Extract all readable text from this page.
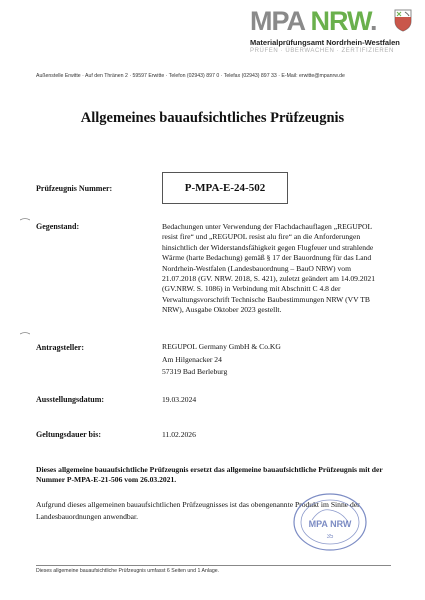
MPA NRW.
Materialprüfungsamt Nordrhein-Westfalen
PRÜFEN · ÜBERWACHEN · ZERTIFIZIEREN
Außenstelle Erwitte · Auf den Thränen 2 · 59597 Erwitte · Telefon (02943) 897 0 · Telefax (02943) 897 33 · E-Mail: erwitte@mpanrw.de
Allgemeines bauaufsichtliches Prüfzeugnis
Prüfzeugnis Nummer:	P-MPA-E-24-502
Gegenstand:	Bedachungen unter Verwendung der Flachdachauflagen „REGUPOL resist fire“ und „REGUPOL resist alu fire“ an die Anforderungen hinsichtlich der Widerstandsfähigkeit gegen Flugfeuer und strahlende Wärme (harte Bedachung) gemäß § 17 der Bauordnung für das Land Nordrhein-Westfalen (Landesbauordnung – BauO NRW) vom 21.07.2018 (GV. NRW. 2018, S. 421), zuletzt geändert am 14.09.2021 (GV.NRW. S. 1086) in Verbindung mit Abschnitt C 4.8 der Verwaltungsvorschrift Technische Baubestimmungen NRW (VV TB NRW), Ausgabe Oktober 2023 gestellt.
Antragsteller:	REGUPOL Germany GmbH & Co.KG
Am Hilgenacker 24
57319 Bad Berleburg
Ausstellungsdatum:	19.03.2024
Geltungsdauer bis:	11.02.2026
Dieses allgemeine bauaufsichtliche Prüfzeugnis ersetzt das allgemeine bauaufsichtliche Prüfzeugnis mit der Nummer P-MPA-E-21-506 vom 26.03.2021.
Aufgrund dieses allgemeinen bauaufsichtlichen Prüfzeugnisses ist das obengenannte Produkt im Sinne der Landesbauordnungen anwendbar.
MPA NRW
35
Dieses allgemeine bauaufsichtliche Prüfzeugnis umfasst 6 Seiten und 1 Anlage.
